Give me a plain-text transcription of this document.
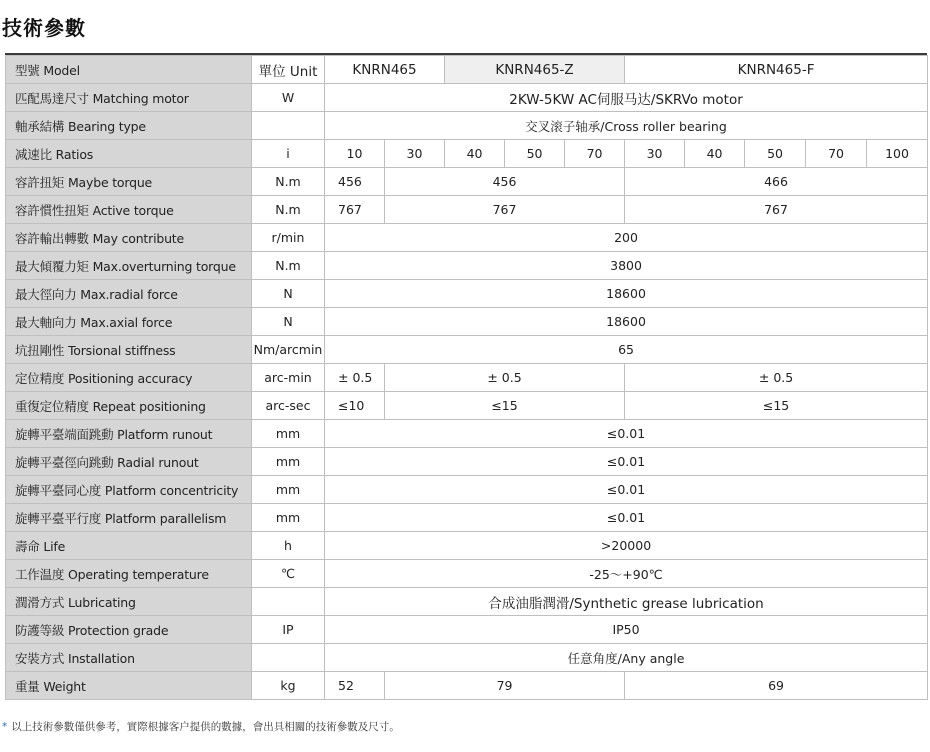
技術參數
型號 Model	單位 Unit	KNRN465		KNRN465-Z			KNRN465-F				
匹配馬達尺寸 Matching motor	W	2KW-5KW AC伺服马达/SKRVo motor									
軸承結構 Bearing type		交叉滚子轴承/Cross roller bearing									
减速比 Ratios	i	10	30	40	50	70	30	40	50	70	100
容許扭矩 Maybe torque	N.m	456	456				466				
容許慣性扭矩 Active torque	N.m	767	767				767				
容許輸出轉數 May contribute	r/min	200									
最大傾覆力矩 Max.overturning torque	N.m	3800									
最大徑向力 Max.radial force	N	18600									
最大軸向力 Max.axial force	N	18600									
坑扭剛性 Torsional stiffness	Nm/arcmin	65									
定位精度 Positioning accuracy	arc-min	± 0.5	± 0.5				± 0.5				
重復定位精度 Repeat positioning	arc-sec	≤10	≤15				≤15				
旋轉平臺端面跳動 Platform runout	mm	≤0.01									
旋轉平臺徑向跳動 Radial runout	mm	≤0.01									
旋轉平臺同心度 Platform concentricity	mm	≤0.01									
旋轉平臺平行度 Platform parallelism	mm	≤0.01									
壽命 Life	h	>20000									
工作温度 Operating temperature	℃	-25～+90℃									
潤滑方式 Lubricating		合成油脂潤滑/Synthetic grease lubrication									
防護等級 Protection grade	IP	IP50									
安裝方式 Installation		任意角度/Any angle									
重量 Weight	kg	52	79				69				
* 以上技術參數僅供參考，實際根據客户提供的數據，會出具相關的技術參數及尺寸。
